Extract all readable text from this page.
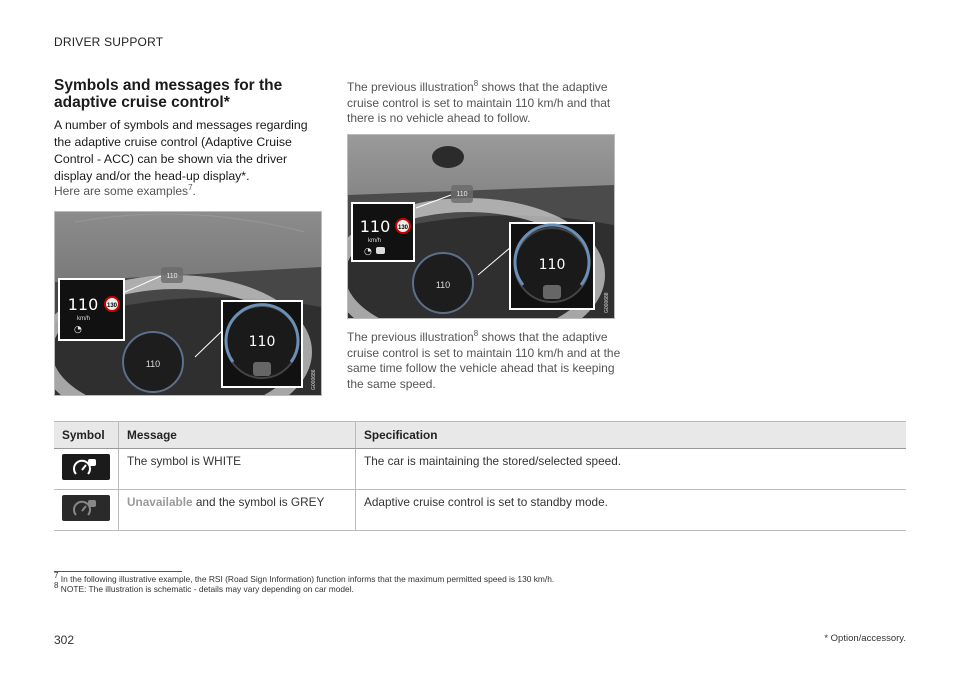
DRIVER SUPPORT
Symbols and messages for the adaptive cruise control*
A number of symbols and messages regarding the adaptive cruise control (Adaptive Cruise Control - ACC) can be shown via the driver display and/or the head-up display*.
Here are some examples$^7$.
110
110
110 130
km/h
◔
110
G000686
The previous illustration$^8$ shows that the adaptive cruise control is set to maintain 110 km/h and that there is no vehicle ahead to follow.
110
110
110 130
km/h
◔
110
G000688
The previous illustration$^8$ shows that the adaptive cruise control is set to maintain 110 km/h and at the same time follow the vehicle ahead that is keeping the same speed.
Symbol	Message	Specification

	The symbol is WHITE	The car is maintaining the stored/selected speed.

	Unavailable and the symbol is GREY	Adaptive cruise control is set to standby mode.
$^7$ In the following illustrative example, the RSI (Road Sign Information) function informs that the maximum permitted speed is 130 km/h.
$^8$ NOTE: The illustration is schematic - details may vary depending on car model.
* Option/accessory.
302
